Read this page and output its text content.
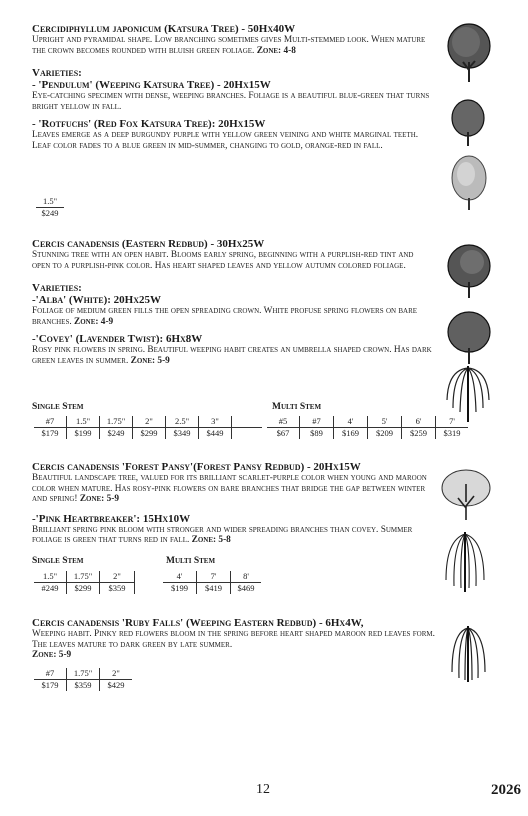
Cercidiphyllum japonicum (Katsura Tree) - 50Hx40W

Upright and pyramidal shape. Low branching sometimes gives Multi-stemmed look. When mature the crown becomes rounded with bluish green foliage. Zone: 4-8

Varieties:

- 'Pendulum' (Weeping Katsura Tree) - 20Hx15W

Eye-catching specimen with dense, weeping branches. Foliage is a beautiful blue-green that turns bright yellow in fall.

- 'Rotfuchs' (Red Fox Katsura Tree): 20Hx15W

Leaves emerge as a deep burgundy purple with yellow green veining and white marginal teeth. Leaf color fades to a blue green in mid-summer, changing to gold, orange-red in fall.

1.5"
$249

Cercis canadensis (Eastern Redbud) - 30Hx25W

Stunning tree with an open habit. Blooms early spring, beginning with a purplish-red tint and open to a purplish-pink color. Has heart shaped leaves and yellow autumn colored foliage.

Varieties:

-'Alba' (White): 20Hx25W

Foliage of medium green fills the open spreading crown. White profuse spring flowers on bare branches. Zone: 4-9

-'Covey' (Lavender Twist): 6Hx8W

Rosy pink flowers in spring. Beautiful weeping habit creates an umbrella shaped crown. Has dark green leaves in summer. Zone: 5-9

Single Stem	Multi Stem
#7	1.5"	1.75"	2"	2.5"	3"	
$179	$199	$249	$299	$349	$449	
#5	#7	4'	5'	6'	7'
$67	$89	$169	$209	$259	$319

Cercis canadensis 'Forest Pansy'(Forest Pansy Redbud) - 20Hx15W

Beautiful landscape tree, valued for its brilliant scarlet-purple color when young and maroon color when mature. Has rosy-pink flowers on bare branches that bridge the gap between winter and spring! Zone: 5-9

-'Pink Heartbreaker': 15Hx10W

Brilliant spring pink bloom with stronger and wider spreading branches than covey. Summer foliage is green that turns red in fall. Zone: 5-8

Single Stem	Multi Stem
1.5"	1.75"	2"
#249	$299	$359
4'	7'	8'
$199	$419	$469

Cercis canadensis 'Ruby Falls' (Weeping Eastern Redbud) - 6Hx4W,

Weeping habit. Pinky red flowers bloom in the spring before heart shaped maroon red leaves form. The leaves mature to dark green by late summer.

Zone: 5-9

#7	1.75"	2"
$179	$359	$429
12	2026
